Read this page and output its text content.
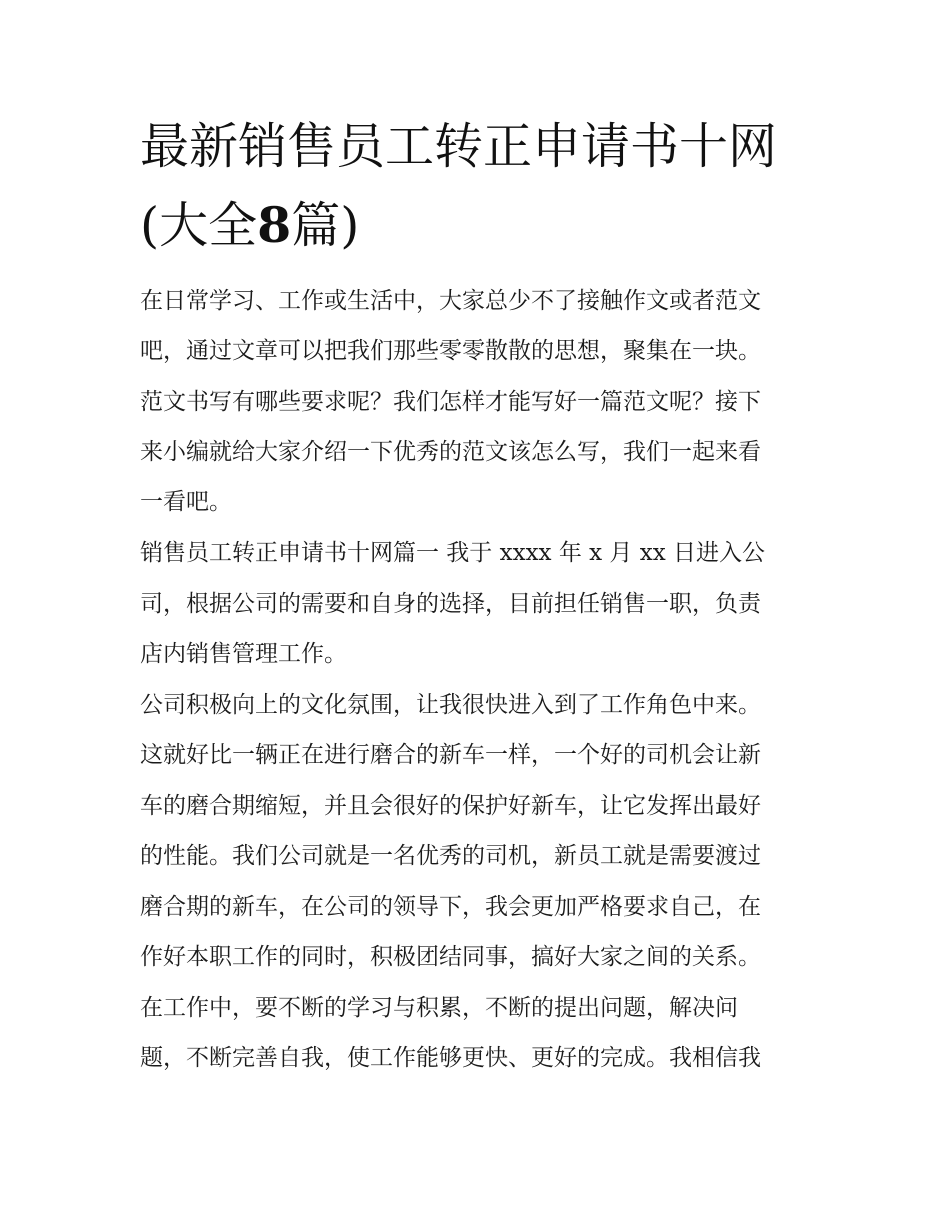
最新销售员工转正申请书十网
(大全8篇)
在日常学习、工作或生活中，大家总少不了接触作文或者范文
吧，通过文章可以把我们那些零零散散的思想，聚集在一块。
范文书写有哪些要求呢？我们怎样才能写好一篇范文呢？接下
来小编就给大家介绍一下优秀的范文该怎么写，我们一起来看
一看吧。
销售员工转正申请书十网篇一 我于 xxxx 年 x 月 xx 日进入公
司，根据公司的需要和自身的选择，目前担任销售一职，负责
店内销售管理工作。
公司积极向上的文化氛围，让我很快进入到了工作角色中来。
这就好比一辆正在进行磨合的新车一样，一个好的司机会让新
车的磨合期缩短，并且会很好的保护好新车，让它发挥出最好
的性能。我们公司就是一名优秀的司机，新员工就是需要渡过
磨合期的新车，在公司的领导下，我会更加严格要求自己，在
作好本职工作的同时，积极团结同事，搞好大家之间的关系。
在工作中，要不断的学习与积累，不断的提出问题，解决问
题，不断完善自我，使工作能够更快、更好的完成。我相信我
